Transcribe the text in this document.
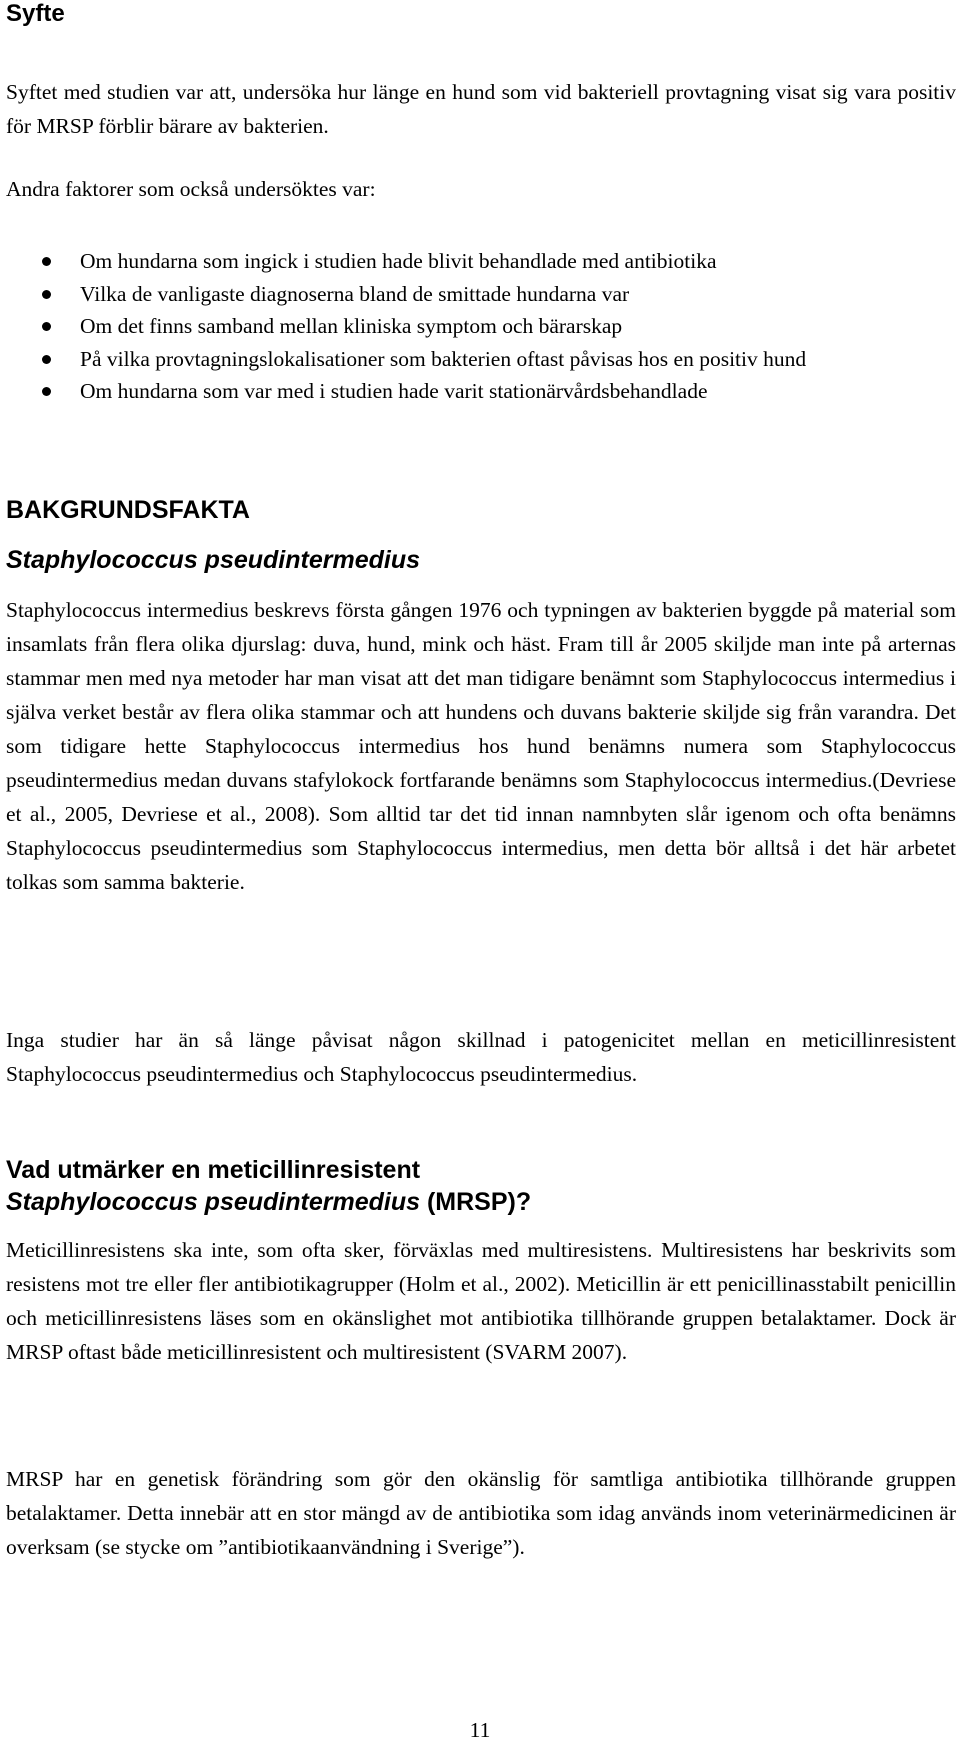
Syfte

Syftet med studien var att, undersöka hur länge en hund som vid bakteriell provtagning visat sig vara positiv för MRSP förblir bärare av bakterien.

Andra faktorer som också undersöktes var:

Om hundarna som ingick i studien hade blivit behandlade med antibiotika
Vilka de vanligaste diagnoserna bland de smittade hundarna var
Om det finns samband mellan kliniska symptom och bärarskap
På vilka provtagningslokalisationer som bakterien oftast påvisas hos en positiv hund
Om hundarna som var med i studien hade varit stationärvårdsbehandlade
BAKGRUNDSFAKTA
Staphylococcus pseudintermedius

Staphylococcus intermedius beskrevs första gången 1976 och typningen av bakterien byggde på material som insamlats från flera olika djurslag: duva, hund, mink och häst. Fram till år 2005 skiljde man inte på arternas stammar men med nya metoder har man visat att det man tidigare benämnt som Staphylococcus intermedius i själva verket består av flera olika stammar och att hundens och duvans bakterie skiljde sig från varandra. Det som tidigare hette Staphylococcus intermedius hos hund benämns numera som Staphylococcus pseudintermedius medan duvans stafylokock fortfarande benämns som Staphylococcus intermedius.(Devriese et al., 2005, Devriese et al., 2008). Som alltid tar det tid innan namnbyten slår igenom och ofta benämns Staphylococcus pseudintermedius som Staphylococcus intermedius, men detta bör alltså i det här arbetet tolkas som samma bakterie.

Inga studier har än så länge påvisat någon skillnad i patogenicitet mellan en meticillinresistent Staphylococcus pseudintermedius och Staphylococcus pseudintermedius.

Vad utmärker en meticillinresistent
Staphylococcus pseudintermedius (MRSP)?

Meticillinresistens ska inte, som ofta sker, förväxlas med multiresistens. Multiresistens har beskrivits som resistens mot tre eller fler antibiotikagrupper (Holm et al., 2002). Meticillin är ett penicillinasstabilt penicillin och meticillinresistens läses som en okänslighet mot antibiotika tillhörande gruppen betalaktamer. Dock är MRSP oftast både meticillinresistent och multiresistent (SVARM 2007).

MRSP har en genetisk förändring som gör den okänslig för samtliga antibiotika tillhörande gruppen betalaktamer. Detta innebär att en stor mängd av de antibiotika som idag används inom veterinärmedicinen är overksam (se stycke om ”antibiotikaanvändning i Sverige”).

11
